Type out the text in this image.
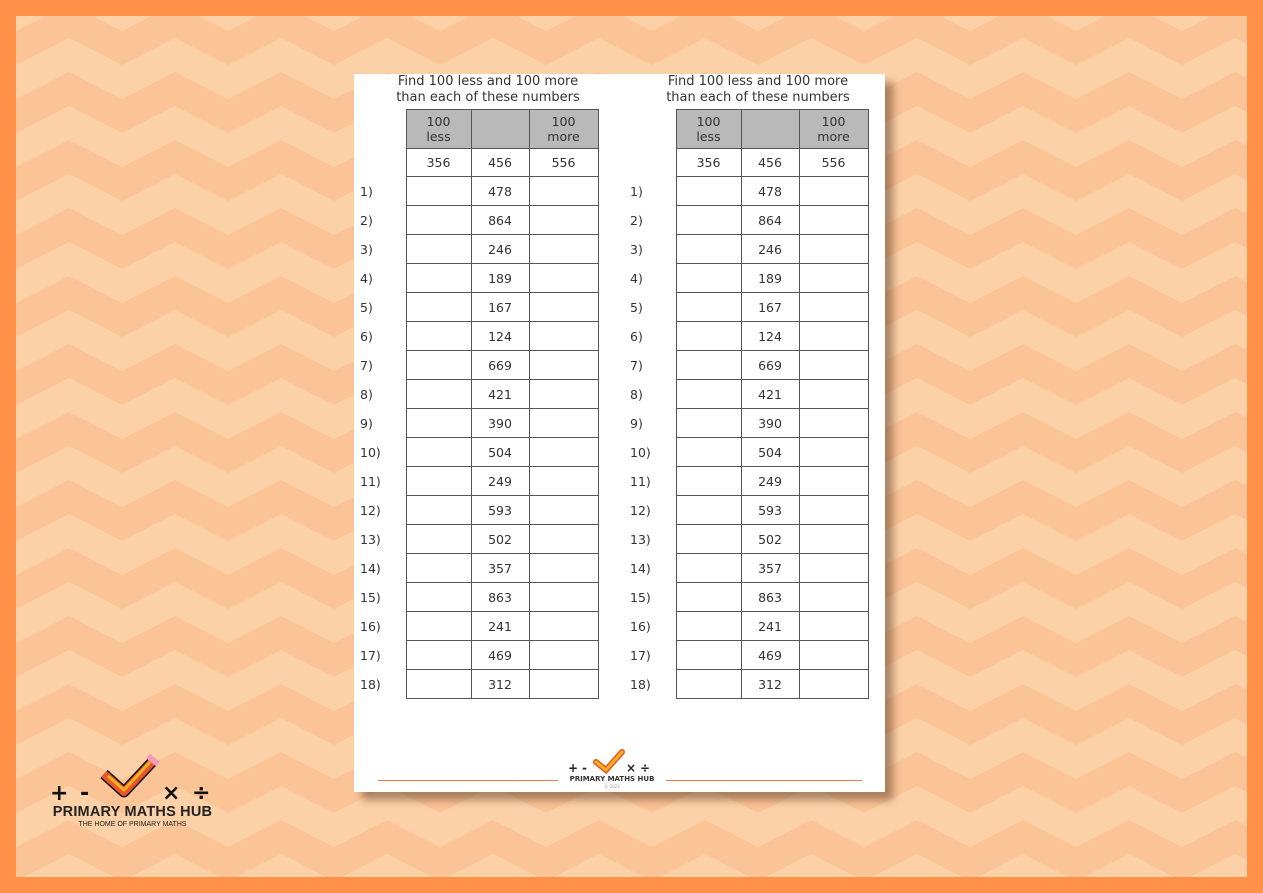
Find 100 less and 100 more
than each of these numbers
	100
less		100
more
	356	456	556
1)		478	
2)		864	
3)		246	
4)		189	
5)		167	
6)		124	
7)		669	
8)		421	
9)		390	
10)		504	
11)		249	
12)		593	
13)		502	
14)		357	
15)		863	
16)		241	
17)		469	
18)		312	
Find 100 less and 100 more
than each of these numbers
	100
less		100
more
	356	456	556
1)		478	
2)		864	
3)		246	
4)		189	
5)		167	
6)		124	
7)		669	
8)		421	
9)		390	
10)		504	
11)		249	
12)		593	
13)		502	
14)		357	
15)		863	
16)		241	
17)		469	
18)		312	
+ -	× ÷
PRIMARY MATHS HUB
© 2023
+ -	× ÷
PRIMARY MATHS HUB
THE HOME OF PRIMARY MATHS
